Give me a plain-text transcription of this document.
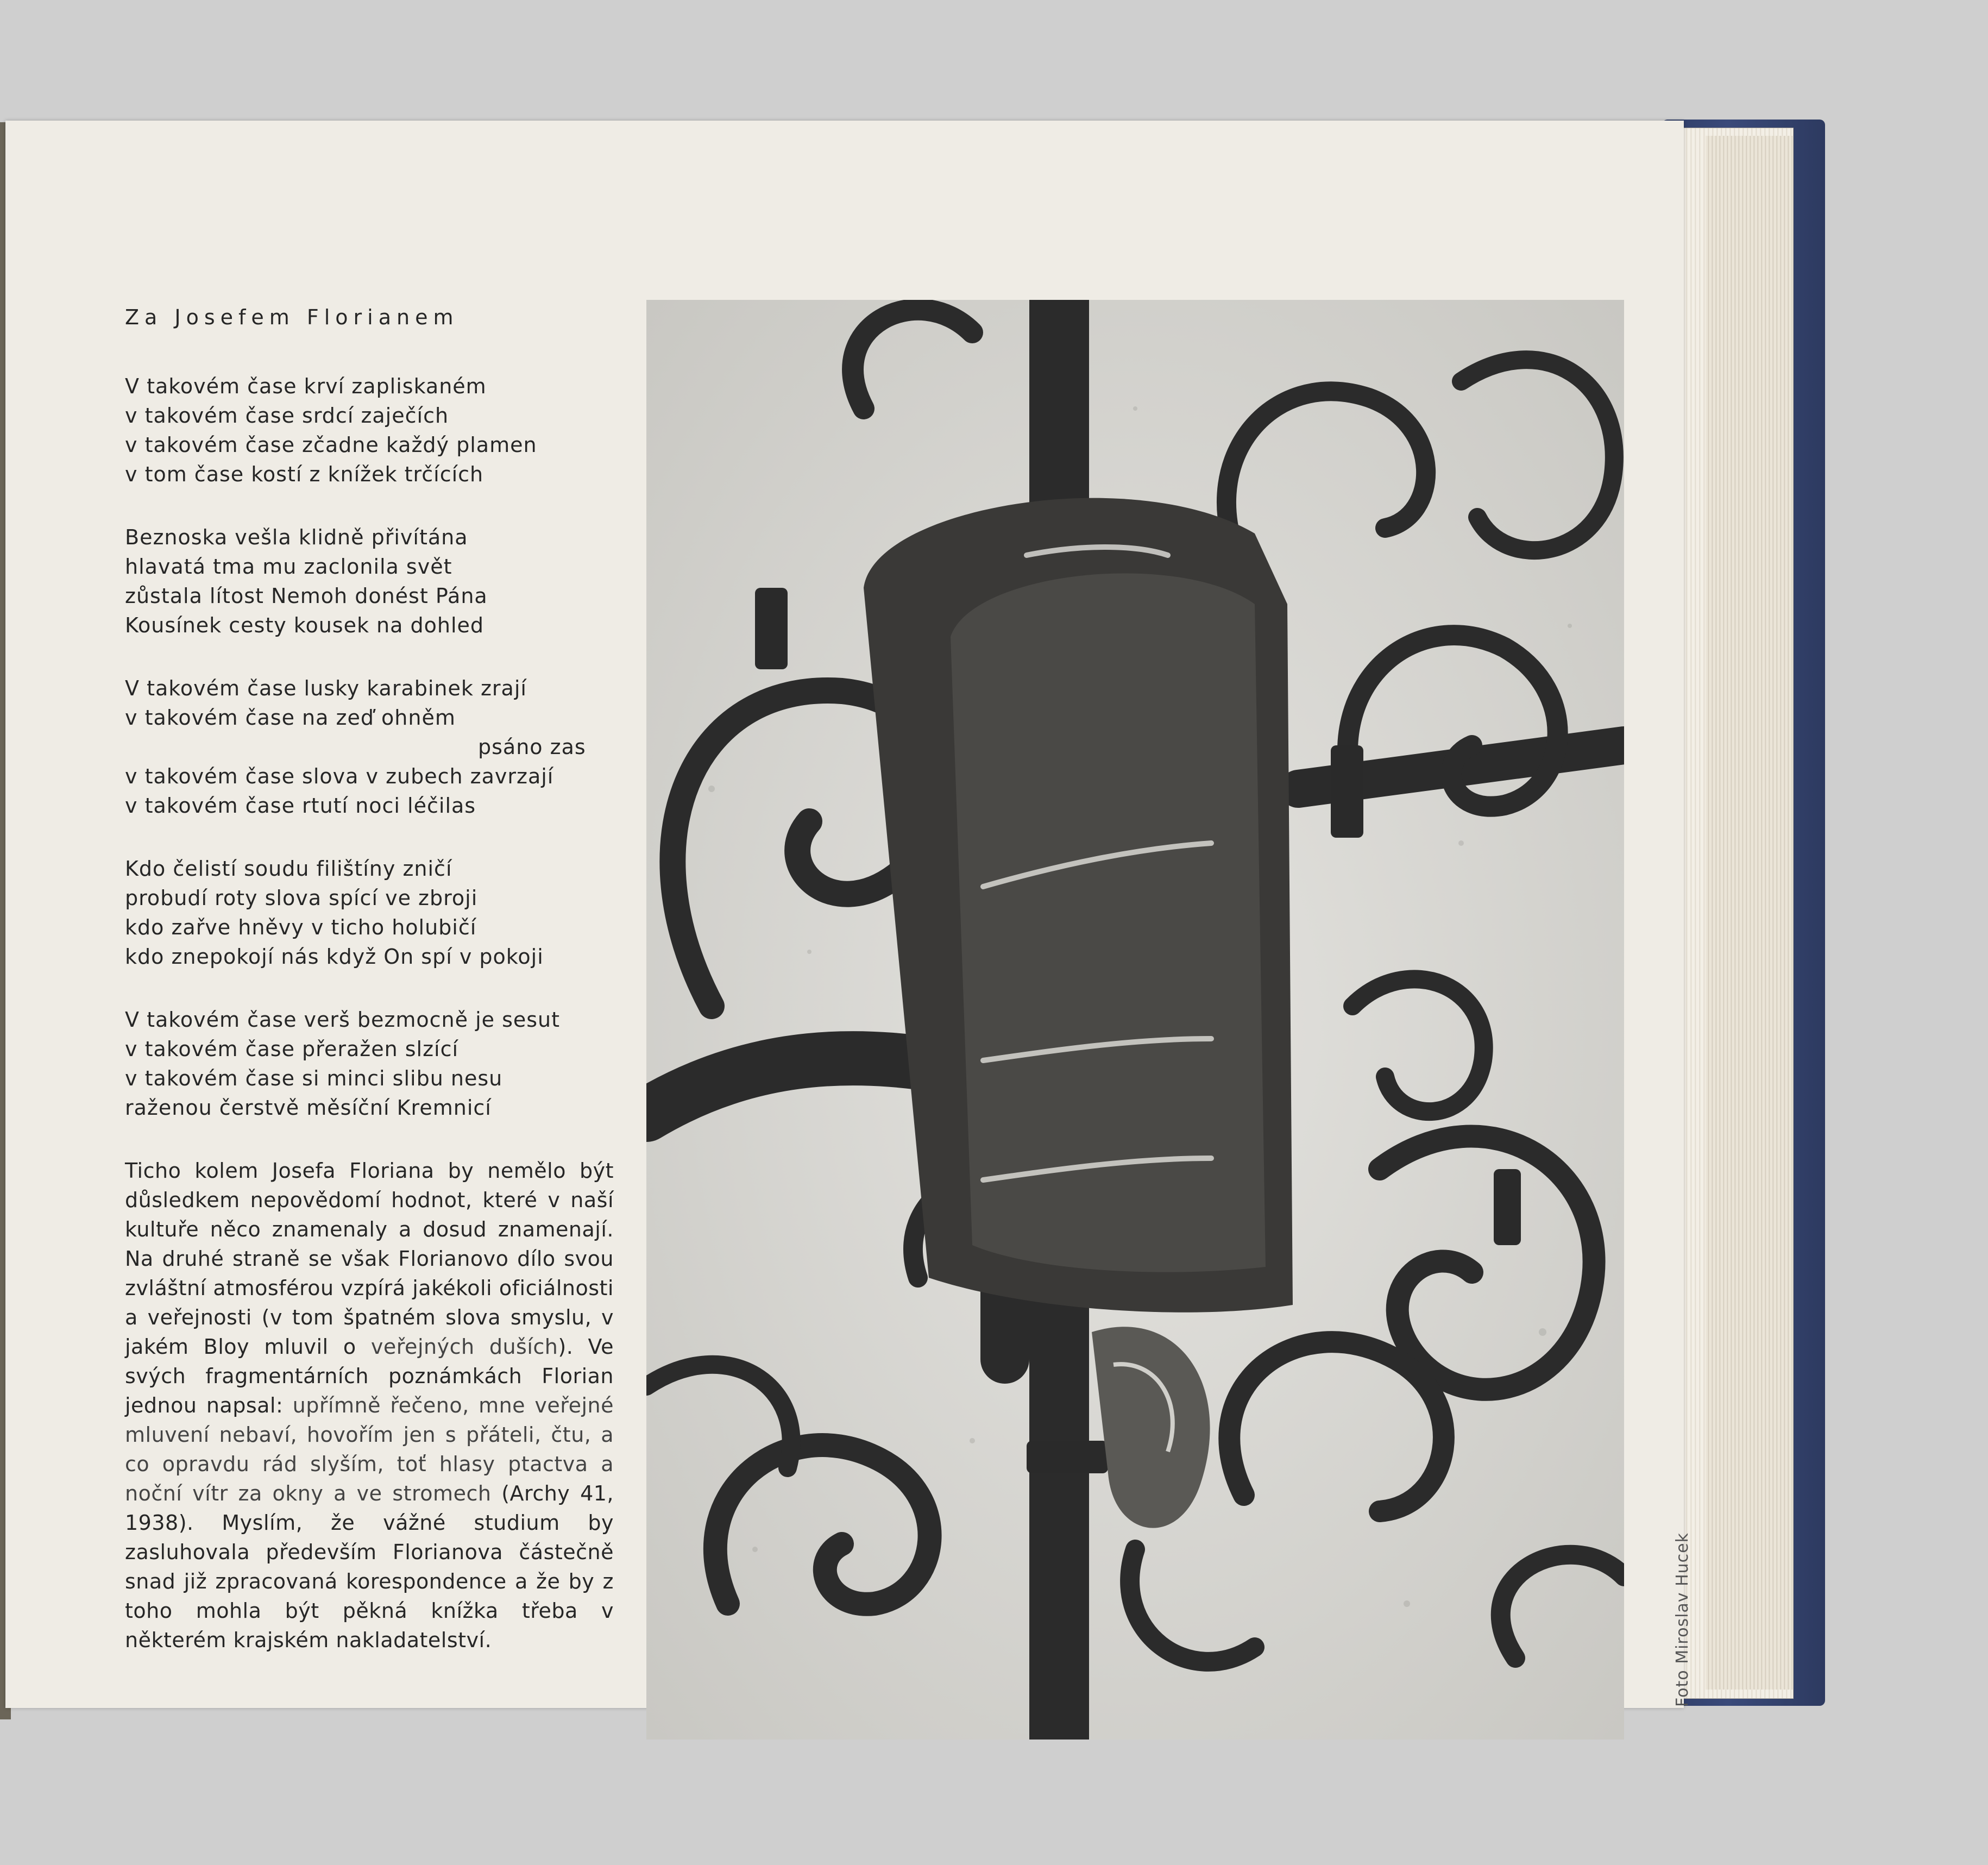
Za Josefem Florianem
V takovém čase krví zapliskaném
v takovém čase srdcí zaječích
v takovém čase zčadne každý plamen
v tom čase kostí z knížek trčících
Beznoska vešla klidně přivítána
hlavatá tma mu zaclonila svět
zůstala lítost Nemoh donést Pána
Kousínek cesty kousek na dohled
V takovém čase lusky karabinek zrají
v takovém čase na zeď ohněm
psáno zas
v takovém čase slova v zubech zavrzají
v takovém čase rtutí noci léčilas
Kdo čelistí soudu filištíny zničí
probudí roty slova spící ve zbroji
kdo zařve hněvy v ticho holubičí
kdo znepokojí nás když On spí v pokoji
V takovém čase verš bezmocně je sesut
v takovém čase přeražen slzící
v takovém čase si minci slibu nesu
raženou čerstvě měsíční Kremnicí

Ticho kolem Josefa Floriana by nemělo být důsledkem nepovědomí hodnot, které v naší kultuře něco znamenaly a dosud znamenají. Na druhé straně se však Florianovo dílo svou zvláštní atmosférou vzpírá jakékoli oficiálnosti a veřejnosti (v tom špatném slova smyslu, v jakém Bloy mluvil o veřejných duších). Ve svých fragmentárních poznámkách Florian jednou napsal: upřímně řečeno, mne veřejné mluvení nebaví, hovořím jen s přáteli, čtu, a co opravdu rád slyším, toť hlasy ptactva a noční vítr za okny a ve stromech (Archy 41, 1938). Myslím, že vážné studium by zasluhovala především Florianova částečně snad již zpracovaná korespondence a že by z toho mohla být pěkná knížka třeba v některém krajském nakladatelství.	Foto Miroslav Hucek
